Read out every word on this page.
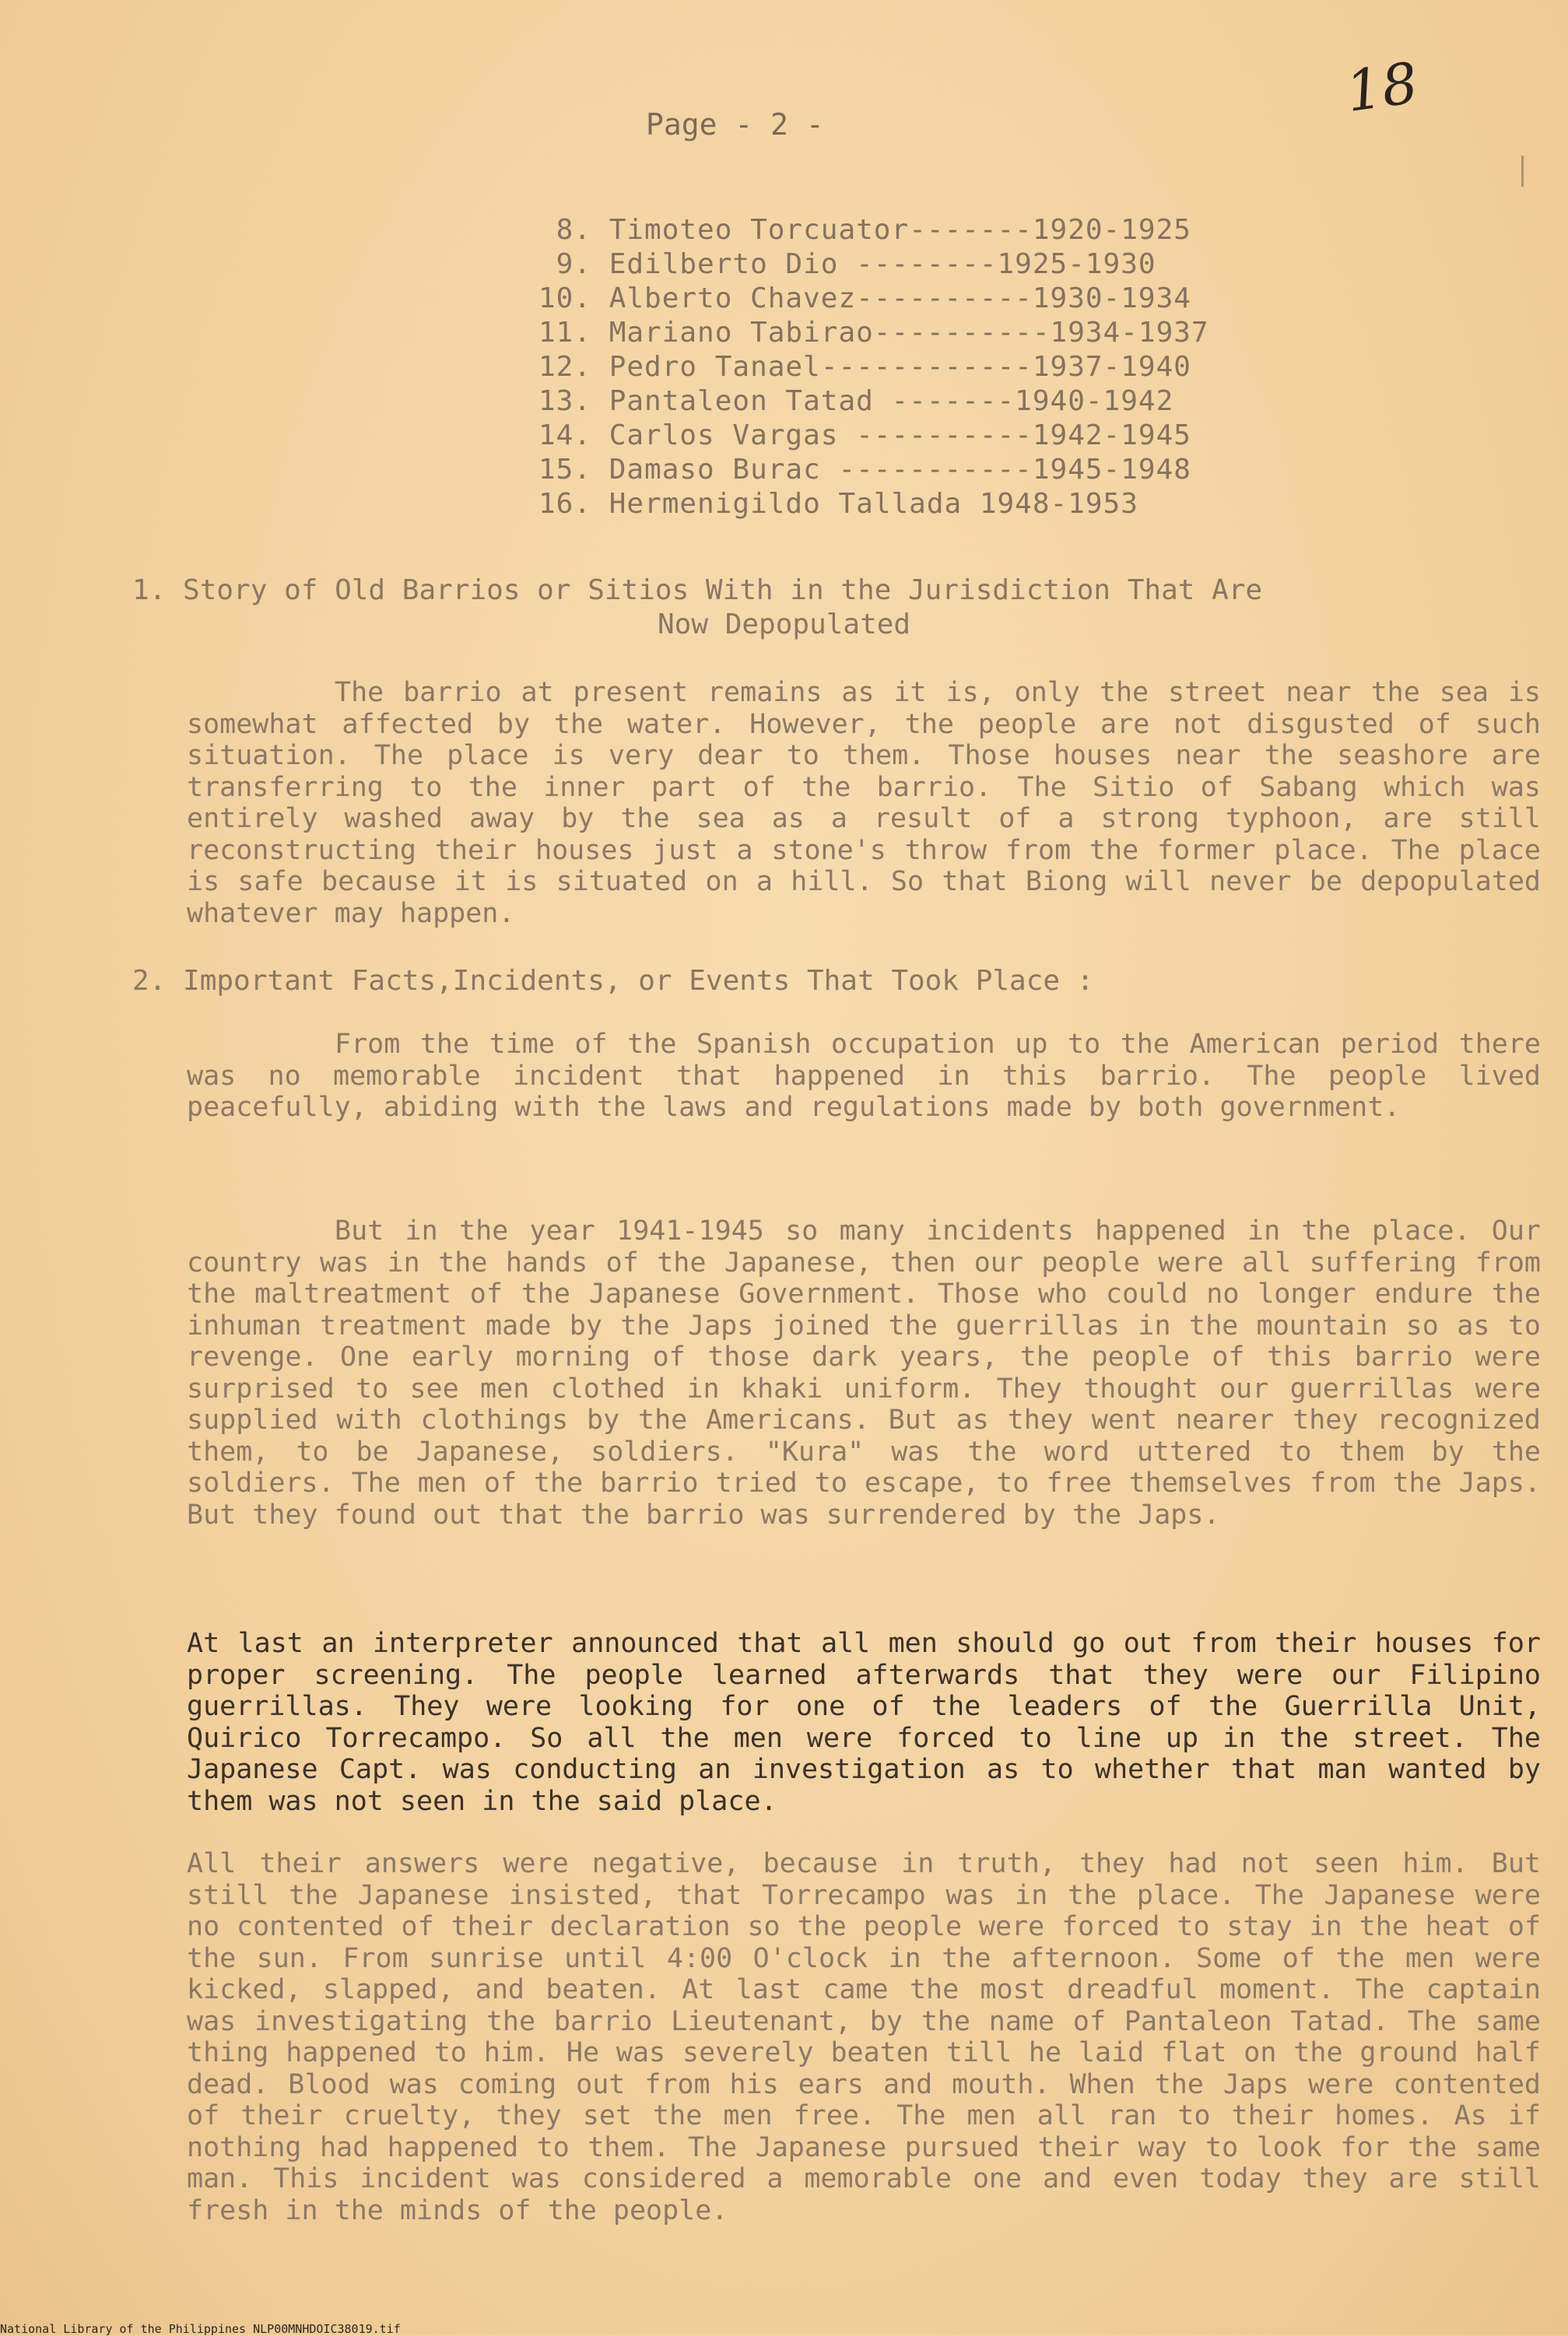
18
Page - 2 -
8. Timoteo Torcuator-------1920-1925
9. Edilberto Dio --------1925-1930
10. Alberto Chavez----------1930-1934
11. Mariano Tabirao----------1934-1937
12. Pedro Tanael------------1937-1940
13. Pantaleon Tatad -------1940-1942
14. Carlos Vargas ----------1942-1945
15. Damaso Burac -----------1945-1948
16. Hermenigildo Tallada 1948-1953
1. Story of Old Barrios or Sitios With in the Jurisdiction That Are
Now Depopulated

The barrio at present remains as it is, only the street near the sea is somewhat affected by the water. However, the people are not disgusted of such situation. The place is very dear to them. Those houses near the seashore are transferring to the inner part of the barrio. The Sitio of Sabang which was entirely washed away by the sea as a result of a strong typhoon, are still reconstructing their houses just a stone's throw from the former place. The place is safe because it is situated on a hill. So that Biong will never be depopulated whatever may happen.

2. Important Facts,Incidents, or Events That Took Place :

From the time of the Spanish occupation up to the American period there was no memorable incident that happened in this barrio. The people lived peacefully, abiding with the laws and regulations made by both government.

But in the year 1941-1945 so many incidents happened in the place. Our country was in the hands of the Japanese, then our people were all suffering from the maltreatment of the Japanese Government. Those who could no longer endure the inhuman treatment made by the Japs joined the guerrillas in the mountain so as to revenge. One early morning of those dark years, the people of this barrio were surprised to see men clothed in khaki uniform. They thought our guerrillas were supplied with clothings by the Americans. But as they went nearer they recognized them, to be Japanese, soldiers. "Kura" was the word uttered to them by the soldiers. The men of the barrio tried to escape, to free themselves from the Japs. But they found out that the barrio was surrendered by the Japs.

At last an interpreter announced that all men should go out from their houses for proper screening. The people learned afterwards that they were our Filipino guerrillas. They were looking for one of the leaders of the Guerrilla Unit, Quirico Torrecampo. So all the men were forced to line up in the street. The Japanese Capt. was conducting an investigation as to whether that man wanted by them was not seen in the said place.

All their answers were negative, because in truth, they had not seen him. But still the Japanese insisted, that Torrecampo was in the place. The Japanese were no contented of their declaration so the people were forced to stay in the heat of the sun. From sunrise until 4:00 O'clock in the afternoon. Some of the men were kicked, slapped, and beaten. At last came the most dreadful moment. The captain was investigating the barrio Lieutenant, by the name of Pantaleon Tatad. The same thing happened to him. He was severely beaten till he laid flat on the ground half dead. Blood was coming out from his ears and mouth. When the Japs were contented of their cruelty, they set the men free. The men all ran to their homes. As if nothing had happened to them. The Japanese pursued their way to look for the same man. This incident was considered a memorable one and even today they are still fresh in the minds of the people.

National Library of the Philippines NLP00MNHDOIC38019.tif
